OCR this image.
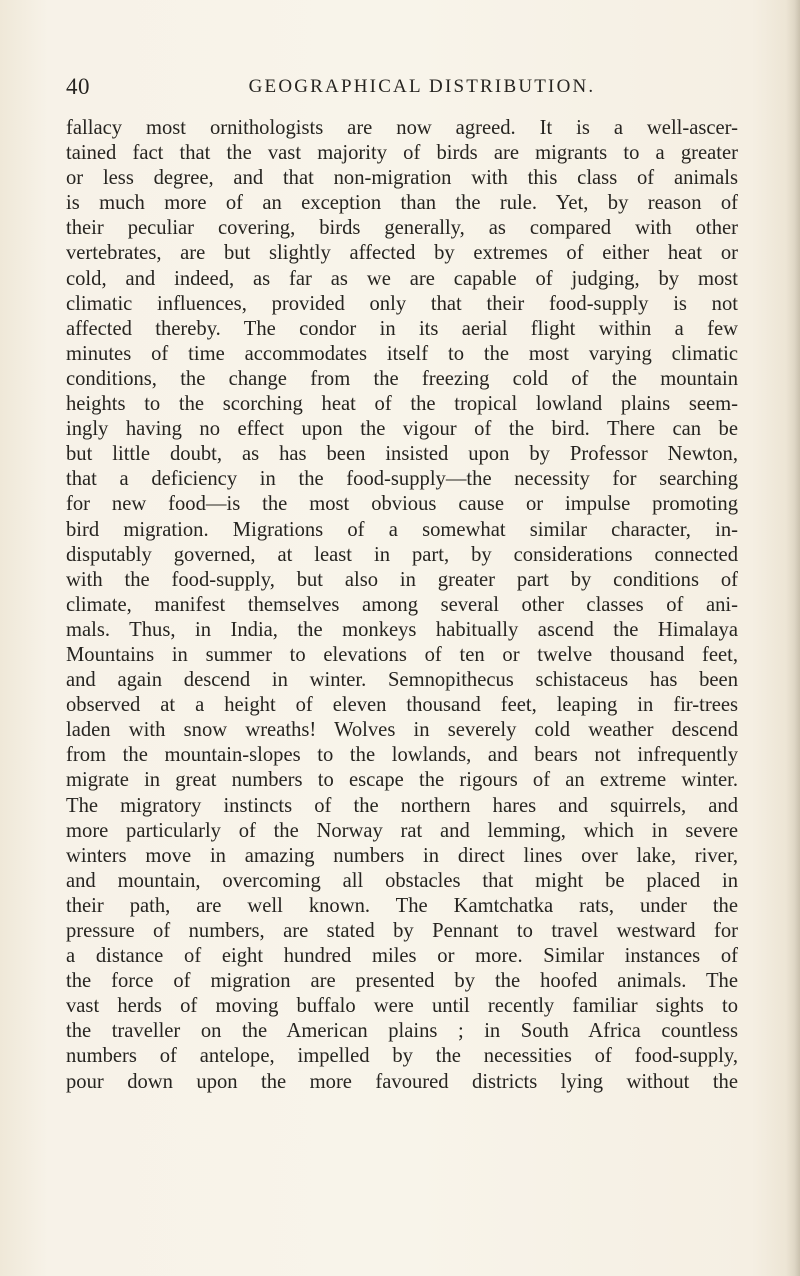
40	GEOGRAPHICAL DISTRIBUTION.
fallacy most ornithologists are now agreed. It is a well-ascer-
tained fact that the vast majority of birds are migrants to a greater
or less degree, and that non-migration with this class of animals
is much more of an exception than the rule. Yet, by reason of
their peculiar covering, birds generally, as compared with other
vertebrates, are but slightly affected by extremes of either heat or
cold, and indeed, as far as we are capable of judging, by most
climatic influences, provided only that their food-supply is not
affected thereby. The condor in its aerial flight within a few
minutes of time accommodates itself to the most varying climatic
conditions, the change from the freezing cold of the mountain
heights to the scorching heat of the tropical lowland plains seem-
ingly having no effect upon the vigour of the bird. There can be
but little doubt, as has been insisted upon by Professor Newton,
that a deficiency in the food-supply—the necessity for searching
for new food—is the most obvious cause or impulse promoting
bird migration. Migrations of a somewhat similar character, in-
disputably governed, at least in part, by considerations connected
with the food-supply, but also in greater part by conditions of
climate, manifest themselves among several other classes of ani-
mals. Thus, in India, the monkeys habitually ascend the Himalaya
Mountains in summer to elevations of ten or twelve thousand feet,
and again descend in winter. Semnopithecus schistaceus has been
observed at a height of eleven thousand feet, leaping in fir-trees
laden with snow wreaths! Wolves in severely cold weather descend
from the mountain-slopes to the lowlands, and bears not infrequently
migrate in great numbers to escape the rigours of an extreme winter.
The migratory instincts of the northern hares and squirrels, and
more particularly of the Norway rat and lemming, which in severe
winters move in amazing numbers in direct lines over lake, river,
and mountain, overcoming all obstacles that might be placed in
their path, are well known. The Kamtchatka rats, under the
pressure of numbers, are stated by Pennant to travel westward for
a distance of eight hundred miles or more. Similar instances of
the force of migration are presented by the hoofed animals. The
vast herds of moving buffalo were until recently familiar sights to
the traveller on the American plains ; in South Africa countless
numbers of antelope, impelled by the necessities of food-supply,
pour down upon the more favoured districts lying without the
